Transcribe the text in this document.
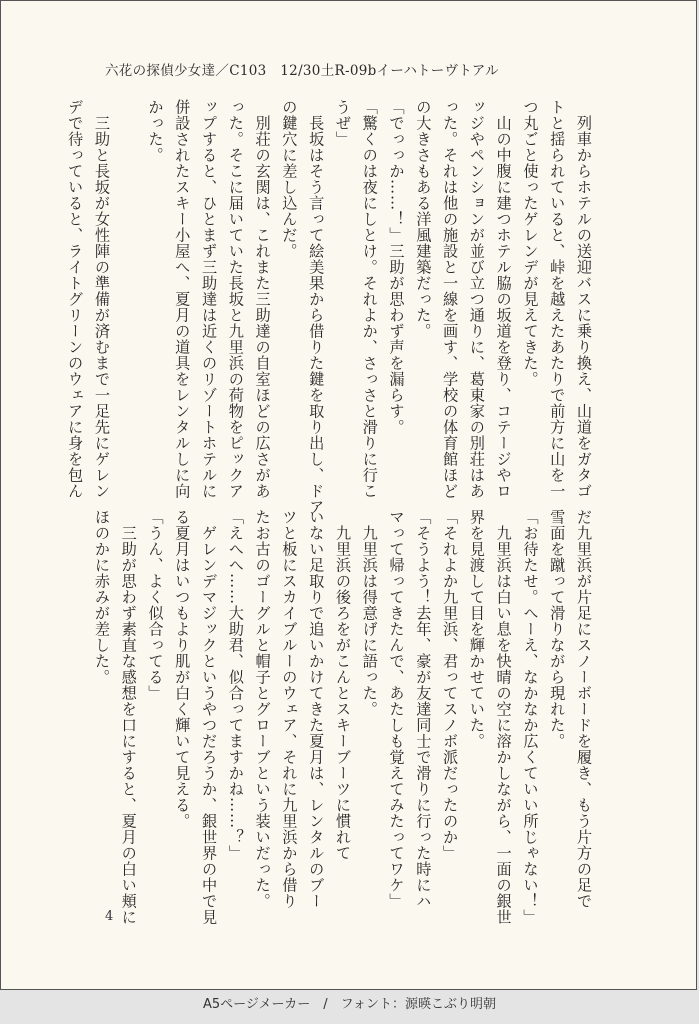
六花の探偵少女達／C103　12/30土R-09bイーハトーヴトアル
　列車からホテルの送迎バスに乗り換え、山道をガタゴ
トと揺られていると、峠を越えたあたりで前方に山を一
つ丸ごと使ったゲレンデが見えてきた。
　山の中腹に建つホテル脇の坂道を登り、コテージやロ
ッジやペンションが並び立つ通りに、葛東家の別荘はあ
った。それは他の施設と一線を画す、学校の体育館ほど
の大きさもある洋風建築だった。
「でっっか……！」三助が思わず声を漏らす。
「驚くのは夜にしとけ。それよか、さっさと滑りに行こ
うぜ」
　長坂はそう言って絵美果から借りた鍵を取り出し、ドア
の鍵穴に差し込んだ。
　別荘の玄関は、これまた三助達の自室ほどの広さがあ
った。そこに届いていた長坂と九里浜の荷物をピックア
ップすると、ひとまず三助達は近くのリゾートホテルに
併設されたスキー小屋へ、夏月の道具をレンタルしに向
かった。
　三助と長坂が女性陣の準備が済むまで一足先にゲレン
デで待っていると、ライトグリーンのウェアに身を包ん
だ九里浜が片足にスノーボードを履き、もう片方の足で
雪面を蹴って滑りながら現れた。
「お待たせ。へーえ、なかなか広くていい所じゃない！」
　九里浜は白い息を快晴の空に溶かしながら、一面の銀世
界を見渡して目を輝かせていた。
「それよか九里浜、君ってスノボ派だったのか」
「そうよう！去年、豪が友達同士で滑りに行った時にハ
マって帰ってきたんで、あたしも覚えてみたってワケ」
　九里浜は得意げに語った。
　九里浜の後ろをがこんとスキーブーツに慣れて
いない足取りで追いかけてきた夏月は、レンタルのブー
ツと板にスカイブルーのウェア、それに九里浜から借り
たお古のゴーグルと帽子とグローブという装いだった。
「えへへ……大助君、似合ってますかね……？」
　ゲレンデマジックというやつだろうか、銀世界の中で見
る夏月はいつもより肌が白く輝いて見える。
「うん、よく似合ってる」
　三助が思わず素直な感想を口にすると、夏月の白い頬に
ほのかに赤みが差した。
4
A5ページメーカー　/　フォント：源暎こぶり明朝
